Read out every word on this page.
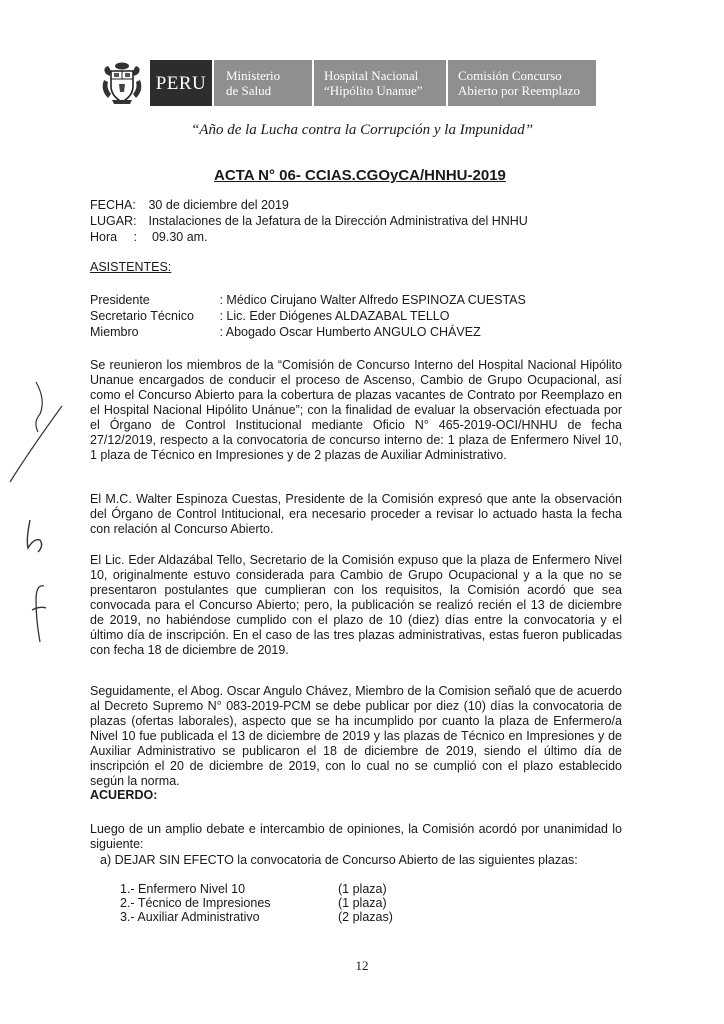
PERU Ministerio
de Salud
Hospital Nacional
“Hipólito Unanue”
Comisión Concurso
Abierto por Reemplazo
“Año de la Lucha contra la Corrupción y la Impunidad”
ACTA N° 06- CCIAS.CGOyCA/HNHU-2019
FECHA: 30 de diciembre del 2019
LUGAR: Instalaciones de la Jefatura de la Dirección Administrativa del HNHU
Hora : 09.30 am.
ASISTENTES:
Presidente	: Médico Cirujano Walter Alfredo ESPINOZA CUESTAS
Secretario Técnico : Lic. Eder Diógenes ALDAZABAL TELLO
Miembro	: Abogado Oscar Humberto ANGULO CHÁVEZ

Se reunieron los miembros de la “Comisión de Concurso Interno del Hospital Nacional Hipólito Unanue encargados de conducir el proceso de Ascenso, Cambio de Grupo Ocupacional, así como el Concurso Abierto para la cobertura de plazas vacantes de Contrato por Reemplazo en el Hospital Nacional Hipólito Unánue”; con la finalidad de evaluar la observación efectuada por el Órgano de Control Institucional mediante Oficio N° 465-2019-OCI/HNHU de fecha 27/12/2019, respecto a la convocatoria de concurso interno de: 1 plaza de Enfermero Nivel 10, 1 plaza de Técnico en Impresiones y de 2 plazas de Auxiliar Administrativo.

El M.C. Walter Espinoza Cuestas, Presidente de la Comisión expresó que ante la observación del Órgano de Control Intitucional, era necesario proceder a revisar lo actuado hasta la fecha con relación al Concurso Abierto.

El Lic. Eder Aldazábal Tello, Secretario de la Comisión expuso que la plaza de Enfermero Nivel 10, originalmente estuvo considerada para Cambio de Grupo Ocupacional y a la que no se presentaron postulantes que cumplieran con los requisitos, la Comisión acordó que sea convocada para el Concurso Abierto; pero, la publicación se realizó recién el 13 de diciembre de 2019, no habiéndose cumplido con el plazo de 10 (diez) días entre la convocatoria y el último día de inscripción. En el caso de las tres plazas administrativas, estas fueron publicadas con fecha 18 de diciembre de 2019.

Seguidamente, el Abog. Oscar Angulo Chávez, Miembro de la Comision señaló que de acuerdo al Decreto Supremo N° 083-2019-PCM se debe publicar por diez (10) días la convocatoria de plazas (ofertas laborales), aspecto que se ha incumplido por cuanto la plaza de Enfermero/a Nivel 10 fue publicada el 13 de diciembre de 2019 y las plazas de Técnico en Impresiones y de Auxiliar Administrativo se publicaron el 18 de diciembre de 2019, siendo el último día de inscripción el 20 de diciembre de 2019, con lo cual no se cumplió con el plazo establecido según la norma.

ACUERDO:

Luego de un amplio debate e intercambio de opiniones, la Comisión acordó por unanimidad lo siguiente:

a) DEJAR SIN EFECTO la convocatoria de Concurso Abierto de las siguientes plazas:
1.- Enfermero Nivel 10	(1 plaza)
2.- Técnico de Impresiones	(1 plaza)
3.- Auxiliar Administrativo	(2 plazas)
12
